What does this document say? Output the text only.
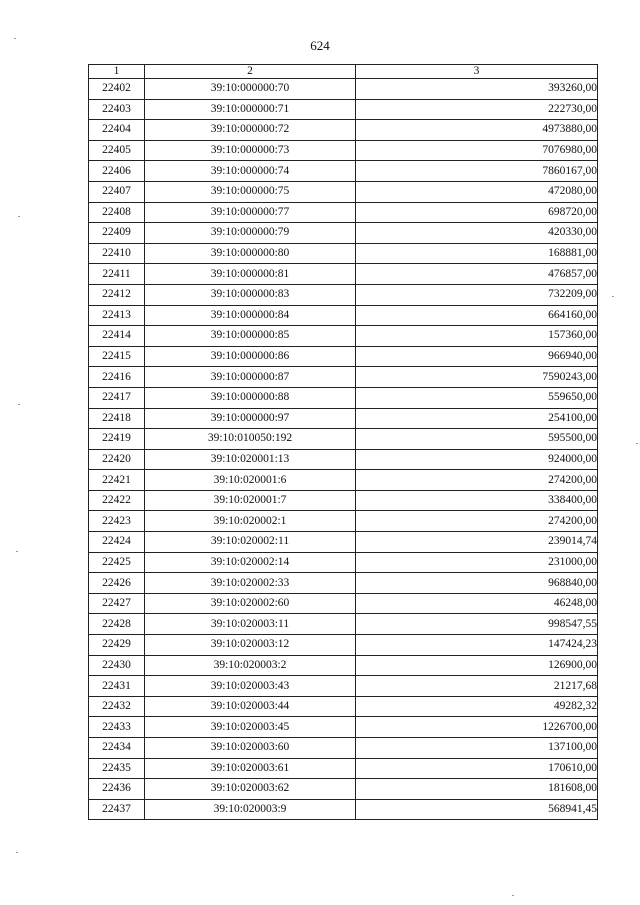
624
1	2	3
22402	39:10:000000:70	393260,00
22403	39:10:000000:71	222730,00
22404	39:10:000000:72	4973880,00
22405	39:10:000000:73	7076980,00
22406	39:10:000000:74	7860167,00
22407	39:10:000000:75	472080,00
22408	39:10:000000:77	698720,00
22409	39:10:000000:79	420330,00
22410	39:10:000000:80	168881,00
22411	39:10:000000:81	476857,00
22412	39:10:000000:83	732209,00
22413	39:10:000000:84	664160,00
22414	39:10:000000:85	157360,00
22415	39:10:000000:86	966940,00
22416	39:10:000000:87	7590243,00
22417	39:10:000000:88	559650,00
22418	39:10:000000:97	254100,00
22419	39:10:010050:192	595500,00
22420	39:10:020001:13	924000,00
22421	39:10:020001:6	274200,00
22422	39:10:020001:7	338400,00
22423	39:10:020002:1	274200,00
22424	39:10:020002:11	239014,74
22425	39:10:020002:14	231000,00
22426	39:10:020002:33	968840,00
22427	39:10:020002:60	46248,00
22428	39:10:020003:11	998547,55
22429	39:10:020003:12	147424,23
22430	39:10:020003:2	126900,00
22431	39:10:020003:43	21217,68
22432	39:10:020003:44	49282,32
22433	39:10:020003:45	1226700,00
22434	39:10:020003:60	137100,00
22435	39:10:020003:61	170610,00
22436	39:10:020003:62	181608,00
22437	39:10:020003:9	568941,45
